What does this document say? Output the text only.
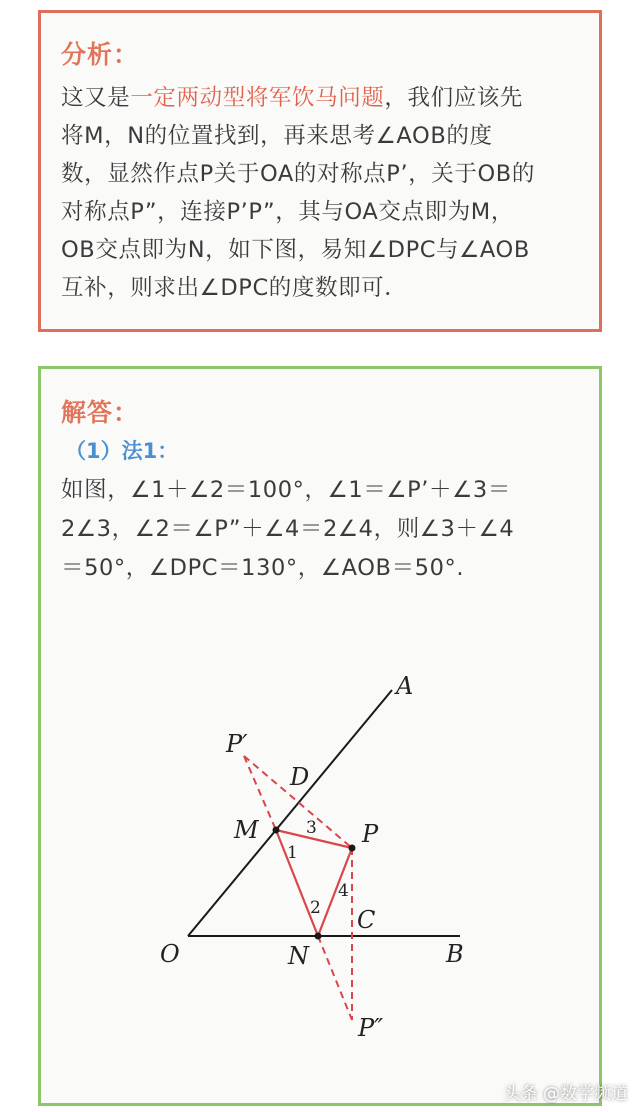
分析：
这又是一定两动型将军饮马问题，我们应该先
将M，N的位置找到，再来思考∠AOB的度
数，显然作点P关于OA的对称点P’，关于OB的
对称点P”，连接P’P”，其与OA交点即为M，
OB交点即为N，如下图，易知∠DPC与∠AOB
互补，则求出∠DPC的度数即可．
解答：
（1）法1：
如图，∠1＋∠2＝100°，∠1＝∠P’＋∠3＝
2∠3，∠2＝∠P”＋∠4＝2∠4，则∠3＋∠4
＝50°，∠DPC＝130°，∠AOB＝50°.
A
P′
D
M	P
O	N
C
B
P″
1
2
3
4
头条 @数学频道
